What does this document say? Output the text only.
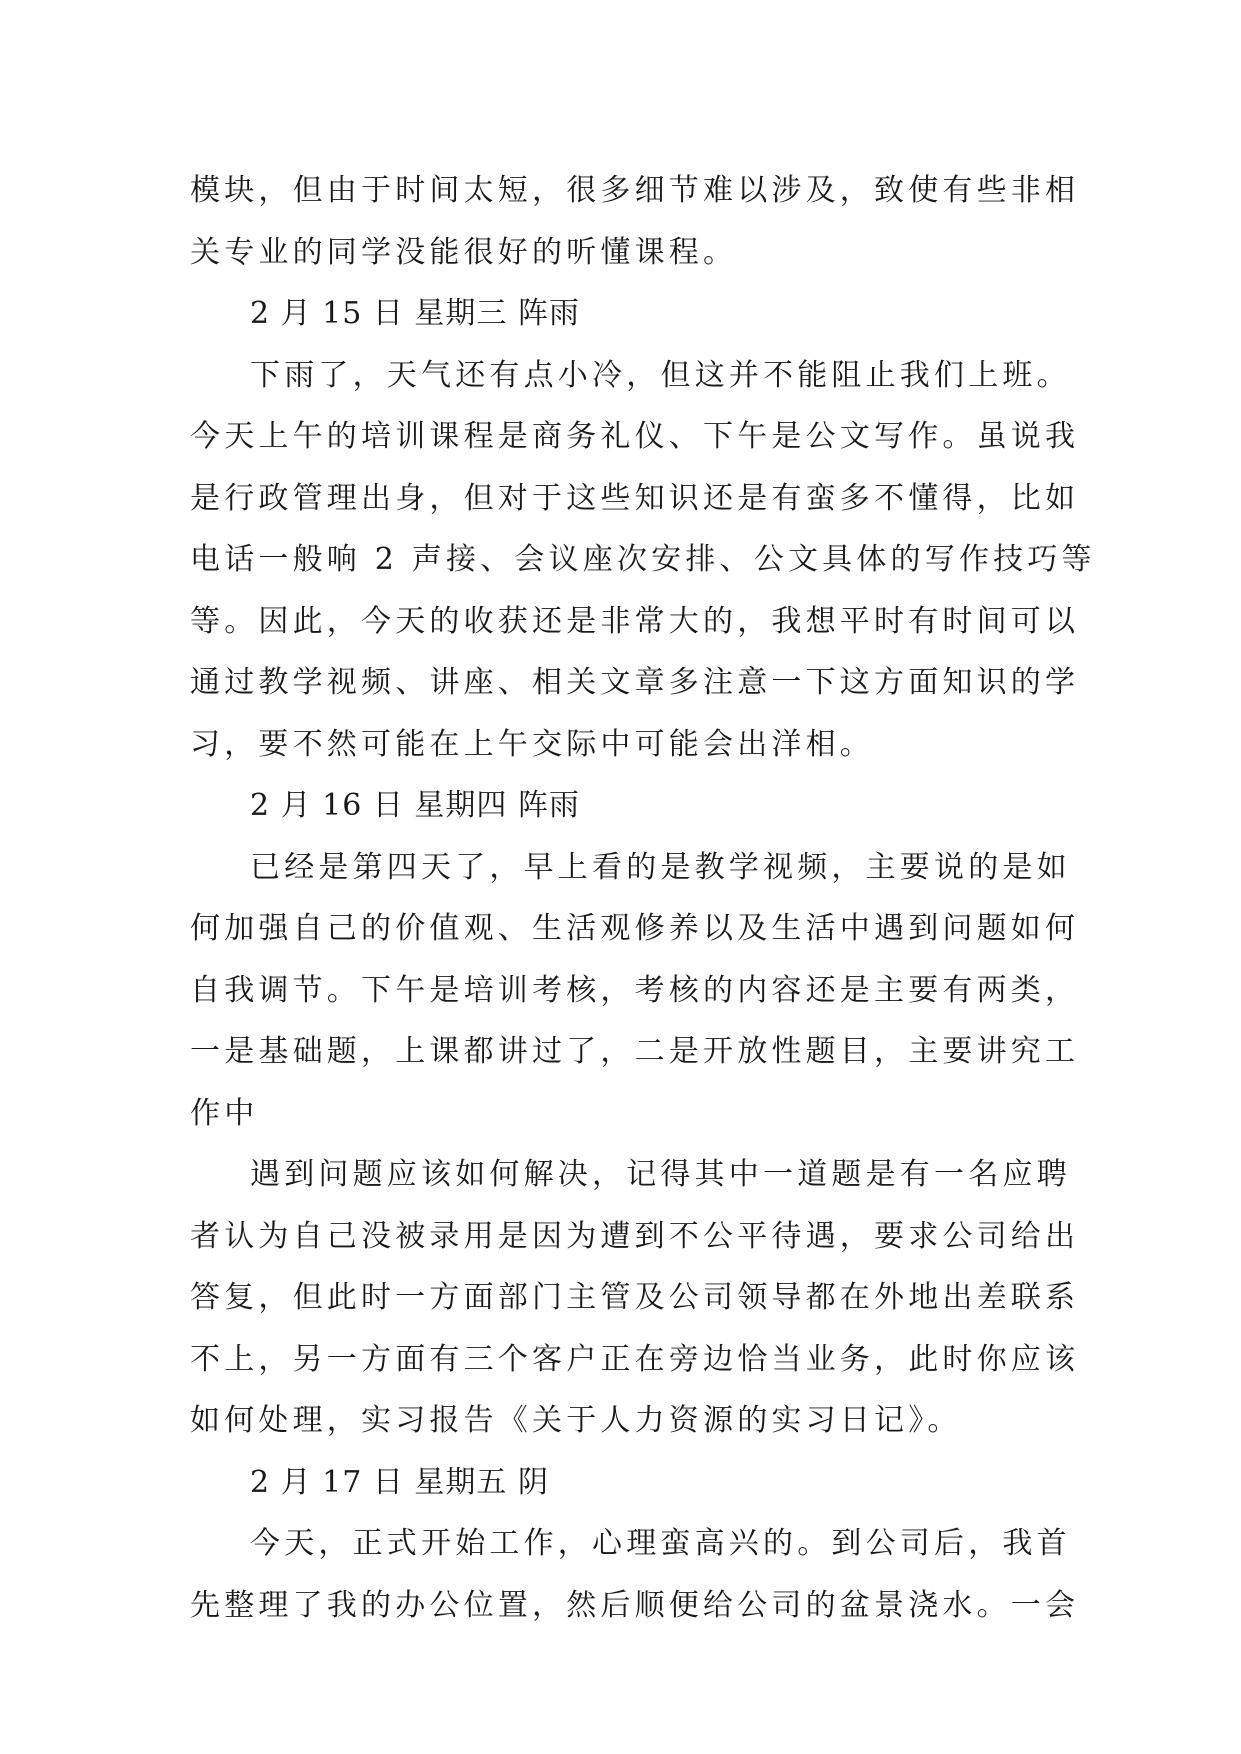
模块，但由于时间太短，很多细节难以涉及，致使有些非相
关专业的同学没能很好的听懂课程。
2 月 15 日 星期三 阵雨
下雨了，天气还有点小冷，但这并不能阻止我们上班。
今天上午的培训课程是商务礼仪、下午是公文写作。虽说我
是行政管理出身，但对于这些知识还是有蛮多不懂得，比如
电话一般响 2 声接、会议座次安排、公文具体的写作技巧等
等。因此，今天的收获还是非常大的，我想平时有时间可以
通过教学视频、讲座、相关文章多注意一下这方面知识的学
习，要不然可能在上午交际中可能会出洋相。
2 月 16 日 星期四 阵雨
已经是第四天了，早上看的是教学视频，主要说的是如
何加强自己的价值观、生活观修养以及生活中遇到问题如何
自我调节。下午是培训考核，考核的内容还是主要有两类，
一是基础题，上课都讲过了，二是开放性题目，主要讲究工
作中
遇到问题应该如何解决，记得其中一道题是有一名应聘
者认为自己没被录用是因为遭到不公平待遇，要求公司给出
答复，但此时一方面部门主管及公司领导都在外地出差联系
不上，另一方面有三个客户正在旁边恰当业务，此时你应该
如何处理，实习报告《关于人力资源的实习日记》。
2 月 17 日 星期五 阴
今天，正式开始工作，心理蛮高兴的。到公司后，我首
先整理了我的办公位置，然后顺便给公司的盆景浇水。一会
